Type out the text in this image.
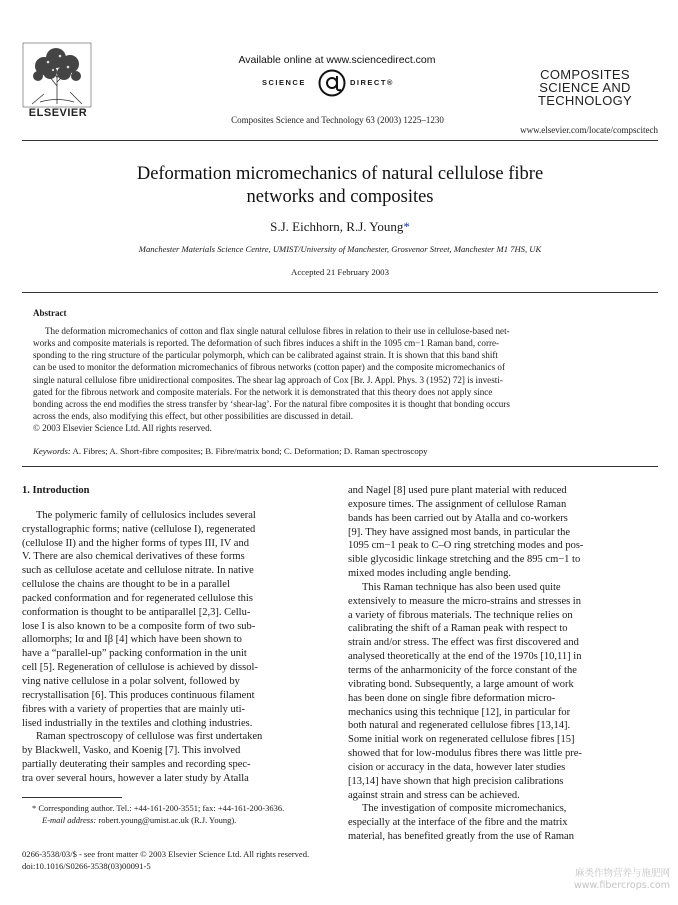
ELSEVIER
Available online at www.sciencedirect.com
SCIENCE	DIRECT®
Composites Science and Technology 63 (2003) 1225–1230
COMPOSITES
SCIENCE AND
TECHNOLOGY
www.elsevier.com/locate/compscitech
Deformation micromechanics of natural cellulose fibre
networks and composites
S.J. Eichhorn, R.J. Young*
Manchester Materials Science Centre, UMIST/University of Manchester, Grosvenor Street, Manchester M1 7HS, UK
Accepted 21 February 2003
Abstract
The deformation micromechanics of cotton and flax single natural cellulose fibres in relation to their use in cellulose-based net-
works and composite materials is reported. The deformation of such fibres induces a shift in the 1095 cm−1 Raman band, corre-
sponding to the ring structure of the particular polymorph, which can be calibrated against strain. It is shown that this band shift
can be used to monitor the deformation micromechanics of fibrous networks (cotton paper) and the composite micromechanics of
single natural cellulose fibre unidirectional composites. The shear lag approach of Cox [Br. J. Appl. Phys. 3 (1952) 72] is investi-
gated for the fibrous network and composite materials. For the network it is demonstrated that this theory does not apply since
bonding across the end modifies the stress transfer by ‘shear-lag’. For the natural fibre composites it is thought that bonding occurs
across the ends, also modifying this effect, but other possibilities are discussed in detail.
© 2003 Elsevier Science Ltd. All rights reserved.
Keywords: A. Fibres; A. Short-fibre composites; B. Fibre/matrix bond; C. Deformation; D. Raman spectroscopy
1. Introduction
The polymeric family of cellulosics includes several
crystallographic forms; native (cellulose I), regenerated
(cellulose II) and the higher forms of types III, IV and
V. There are also chemical derivatives of these forms
such as cellulose acetate and cellulose nitrate. In native
cellulose the chains are thought to be in a parallel
packed conformation and for regenerated cellulose this
conformation is thought to be antiparallel [2,3]. Cellu-
lose I is also known to be a composite form of two sub-
allomorphs; Iα and Iβ [4] which have been shown to
have a “parallel-up” packing conformation in the unit
cell [5]. Regeneration of cellulose is achieved by dissol-
ving native cellulose in a polar solvent, followed by
recrystallisation [6]. This produces continuous filament
fibres with a variety of properties that are mainly uti-
lised industrially in the textiles and clothing industries.
Raman spectroscopy of cellulose was first undertaken
by Blackwell, Vasko, and Koenig [7]. This involved
partially deuterating their samples and recording spec-
tra over several hours, however a later study by Atalla
and Nagel [8] used pure plant material with reduced
exposure times. The assignment of cellulose Raman
bands has been carried out by Atalla and co-workers
[9]. They have assigned most bands, in particular the
1095 cm−1 peak to C–O ring stretching modes and pos-
sible glycosidic linkage stretching and the 895 cm−1 to
mixed modes including angle bending.
This Raman technique has also been used quite
extensively to measure the micro-strains and stresses in
a variety of fibrous materials. The technique relies on
calibrating the shift of a Raman peak with respect to
strain and/or stress. The effect was first discovered and
analysed theoretically at the end of the 1970s [10,11] in
terms of the anharmonicity of the force constant of the
vibrating bond. Subsequently, a large amount of work
has been done on single fibre deformation micro-
mechanics using this technique [12], in particular for
both natural and regenerated cellulose fibres [13,14].
Some initial work on regenerated cellulose fibres [15]
showed that for low-modulus fibres there was little pre-
cision or accuracy in the data, however later studies
[13,14] have shown that high precision calibrations
against strain and stress can be achieved.
The investigation of composite micromechanics,
especially at the interface of the fibre and the matrix
material, has benefited greatly from the use of Raman

* Corresponding author. Tel.: +44-161-200-3551; fax: +44-161-200-3636.

E-mail address: robert.young@umist.ac.uk (R.J. Young).

0266-3538/03/$ - see front matter © 2003 Elsevier Science Ltd. All rights reserved.
doi:10.1016/S0266-3538(03)00091-5
麻类作物营养与施肥网
www.fibercrops.com
